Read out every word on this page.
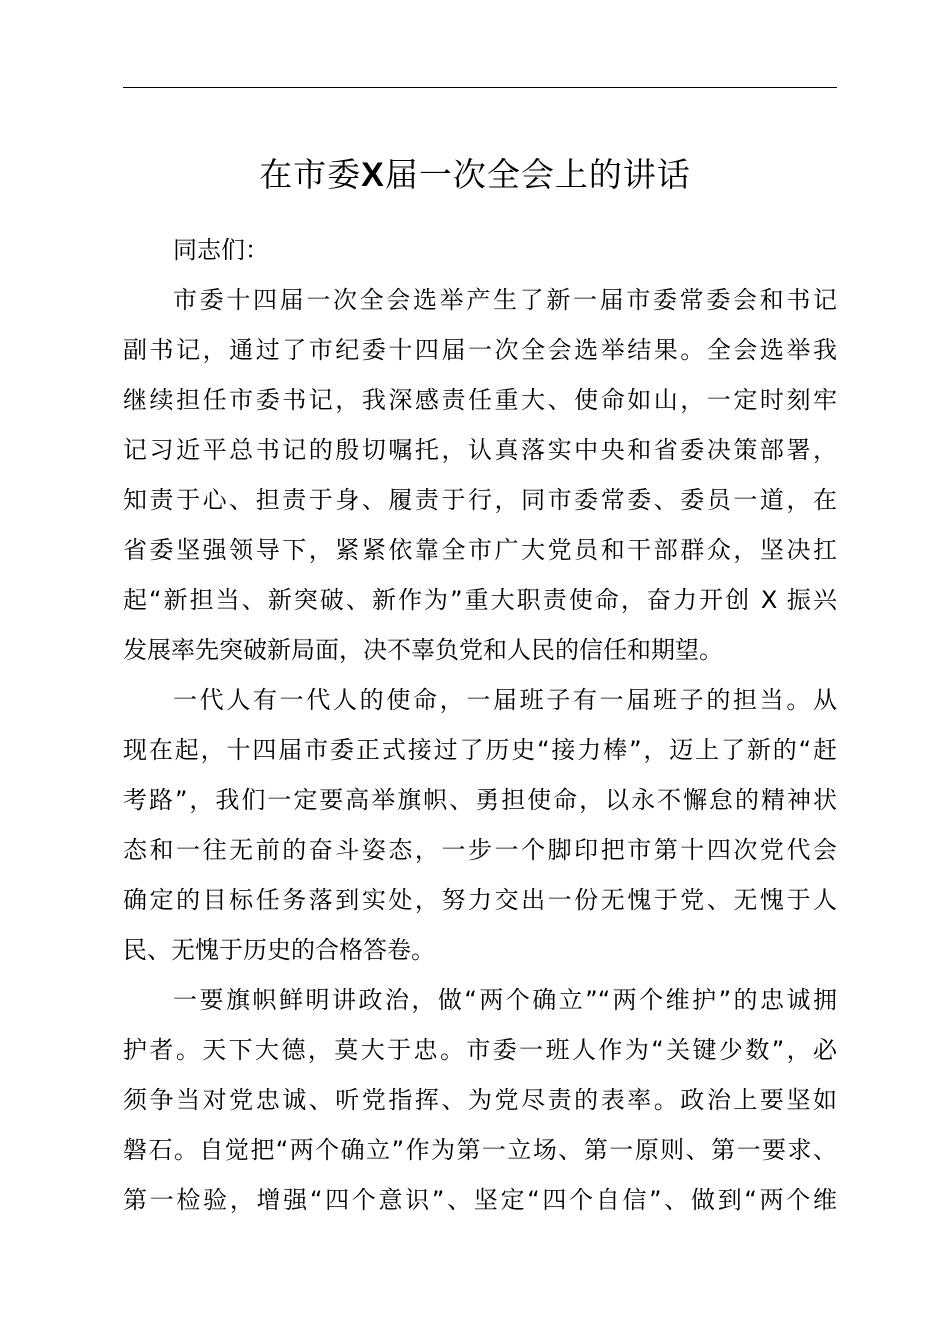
在市委X届一次全会上的讲话
同志们：
市委十四届一次全会选举产生了新一届市委常委会和书记
副书记，通过了市纪委十四届一次全会选举结果。全会选举我
继续担任市委书记，我深感责任重大、使命如山，一定时刻牢
记习近平总书记的殷切嘱托，认真落实中央和省委决策部署，
知责于心、担责于身、履责于行，同市委常委、委员一道，在
省委坚强领导下，紧紧依靠全市广大党员和干部群众，坚决扛
起“新担当、新突破、新作为”重大职责使命，奋力开创 X 振兴
发展率先突破新局面，决不辜负党和人民的信任和期望。
一代人有一代人的使命，一届班子有一届班子的担当。从
现在起，十四届市委正式接过了历史“接力棒”，迈上了新的“赶
考路”，我们一定要高举旗帜、勇担使命，以永不懈怠的精神状
态和一往无前的奋斗姿态，一步一个脚印把市第十四次党代会
确定的目标任务落到实处，努力交出一份无愧于党、无愧于人
民、无愧于历史的合格答卷。
一要旗帜鲜明讲政治，做“两个确立”“两个维护”的忠诚拥
护者。天下大德，莫大于忠。市委一班人作为“关键少数”，必
须争当对党忠诚、听党指挥、为党尽责的表率。政治上要坚如
磐石。自觉把“两个确立”作为第一立场、第一原则、第一要求、
第一检验，增强“四个意识”、坚定“四个自信”、做到“两个维
